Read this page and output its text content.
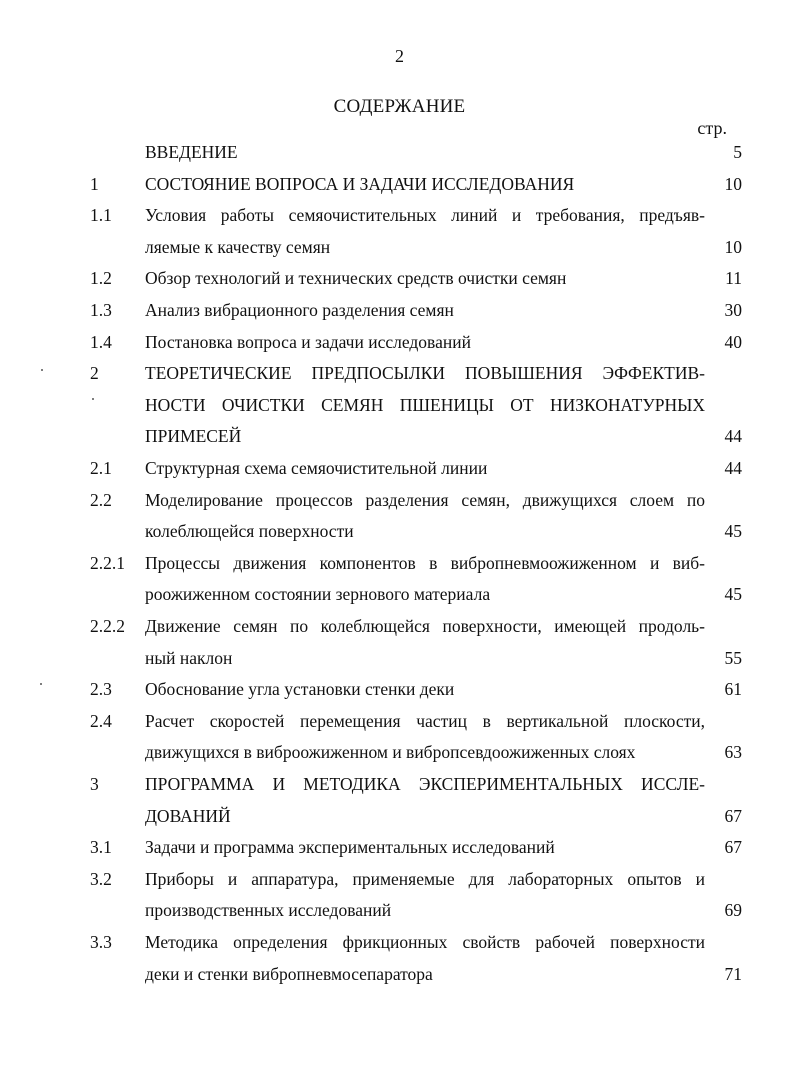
2
СОДЕРЖАНИЕ
стр.
ВВЕДЕНИЕ	5
1	СОСТОЯНИЕ ВОПРОСА И ЗАДАЧИ ИССЛЕДОВАНИЯ	10
1.1 Условия работы семяочистительных линий и требования, предъяв-
ляемые к качеству семян	10
1.2 Обзор технологий и технических средств очистки семян	11
1.3 Анализ вибрационного разделения семян	30
1.4 Постановка вопроса и задачи исследований	40
2	ТЕОРЕТИЧЕСКИЕ ПРЕДПОСЫЛКИ ПОВЫШЕНИЯ ЭФФЕКТИВ-
НОСТИ ОЧИСТКИ СЕМЯН ПШЕНИЦЫ ОТ НИЗКОНАТУРНЫХ
ПРИМЕСЕЙ	44
2.1 Структурная схема семяочистительной линии	44
2.2 Моделирование процессов разделения семян, движущихся слоем по
колеблющейся поверхности	45
2.2.1 Процессы движения компонентов в вибропневмоожиженном и виб-
роожиженном состоянии зернового материала	45
2.2.2 Движение семян по колеблющейся поверхности, имеющей продоль-
ный наклон	55
2.3 Обоснование угла установки стенки деки	61
2.4 Расчет скоростей перемещения частиц в вертикальной плоскости,
движущихся в виброожиженном и вибропсевдоожиженных слоях	63
3	ПРОГРАММА И МЕТОДИКА ЭКСПЕРИМЕНТАЛЬНЫХ ИССЛЕ-
ДОВАНИЙ	67
3.1 Задачи и программа экспериментальных исследований	67
3.2 Приборы и аппаратура, применяемые для лабораторных опытов и
производственных исследований	69
3.3 Методика определения фрикционных свойств рабочей поверхности
деки и стенки вибропневмосепаратора	71
